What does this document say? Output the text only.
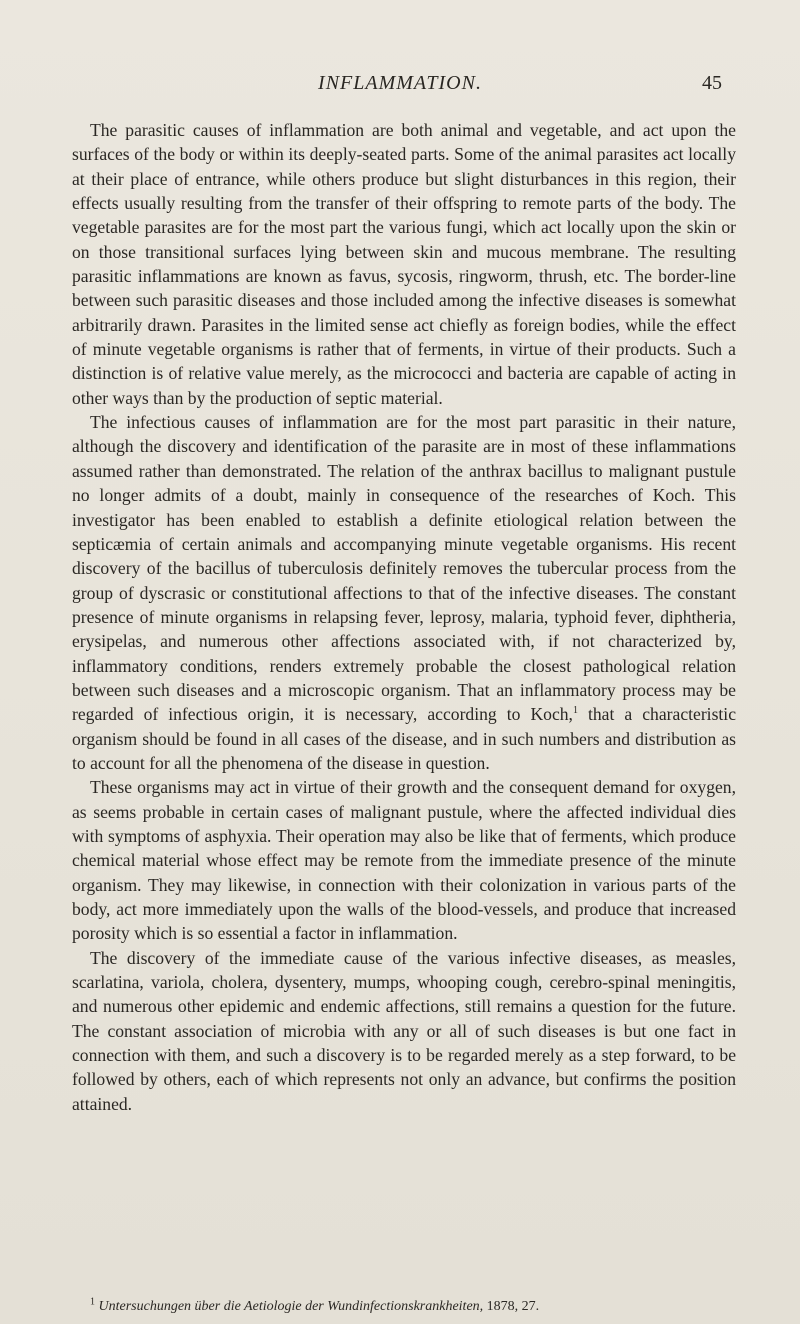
INFLAMMATION.	45

The parasitic causes of inflammation are both animal and vegetable, and act upon the surfaces of the body or within its deeply-seated parts. Some of the animal parasites act locally at their place of entrance, while others produce but slight disturbances in this region, their effects usually resulting from the transfer of their offspring to remote parts of the body. The vegetable parasites are for the most part the various fungi, which act locally upon the skin or on those transitional surfaces lying between skin and mucous membrane. The resulting parasitic inflammations are known as favus, sycosis, ringworm, thrush, etc. The border-line between such parasitic diseases and those included among the infective diseases is somewhat arbitrarily drawn. Parasites in the limited sense act chiefly as foreign bodies, while the effect of minute vegetable organisms is rather that of ferments, in virtue of their products. Such a distinction is of relative value merely, as the micrococci and bacteria are capable of acting in other ways than by the production of septic material.

The infectious causes of inflammation are for the most part parasitic in their nature, although the discovery and identification of the parasite are in most of these inflammations assumed rather than demonstrated. The relation of the anthrax bacillus to malignant pustule no longer admits of a doubt, mainly in consequence of the researches of Koch. This investigator has been enabled to establish a definite etiological relation between the septicæmia of certain animals and accompanying minute vegetable organisms. His recent discovery of the bacillus of tuberculosis definitely removes the tubercular process from the group of dyscrasic or constitutional affections to that of the infective diseases. The constant presence of minute organisms in relapsing fever, leprosy, malaria, typhoid fever, diphtheria, erysipelas, and numerous other affections associated with, if not characterized by, inflammatory conditions, renders extremely probable the closest pathological relation between such diseases and a microscopic organism. That an inflammatory process may be regarded of infectious origin, it is necessary, according to Koch,$^1$ that a characteristic organism should be found in all cases of the disease, and in such numbers and distribution as to account for all the phenomena of the disease in question.

These organisms may act in virtue of their growth and the consequent demand for oxygen, as seems probable in certain cases of malignant pustule, where the affected individual dies with symptoms of asphyxia. Their operation may also be like that of ferments, which produce chemical material whose effect may be remote from the immediate presence of the minute organism. They may likewise, in connection with their colonization in various parts of the body, act more immediately upon the walls of the blood-vessels, and produce that increased porosity which is so essential a factor in inflammation.

The discovery of the immediate cause of the various infective diseases, as measles, scarlatina, variola, cholera, dysentery, mumps, whooping cough, cerebro-spinal meningitis, and numerous other epidemic and endemic affections, still remains a question for the future. The constant association of microbia with any or all of such diseases is but one fact in connection with them, and such a discovery is to be regarded merely as a step forward, to be followed by others, each of which represents not only an advance, but confirms the position attained.

$^1$ Untersuchungen über die Aetiologie der Wundinfectionskrankheiten, 1878, 27.
